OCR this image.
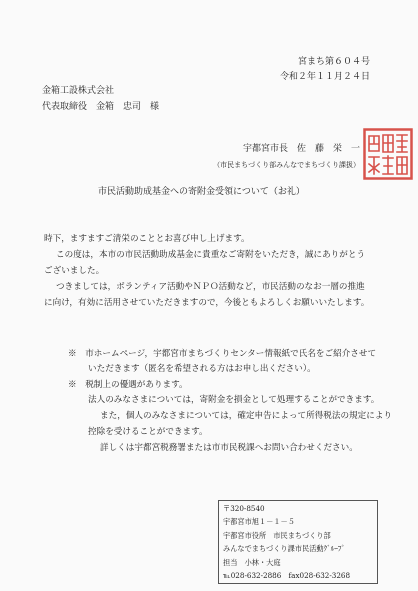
宮まち第６０４号
令和２年１１月２４日
金箱工設株式会社
代表取締役　金箱　忠司　様
宇都宮市長　佐　藤　栄　一
（市民まちづくり部みんなでまちづくり課扱）
市民活動助成基金への寄附金受領について（お礼）
時下，ますますご清栄のこととお喜び申し上げます。
この度は，本市の市民活動助成基金に貴重なご寄附をいただき，誠にありがとう
ございました。
つきましては，ボランティア活動やＮＰＯ活動など，市民活動のなお一層の推進
に向け，有効に活用させていただきますので，今後ともよろしくお願いいたします。
※　市ホームページ，宇都宮市まちづくりセンター情報紙で氏名をご紹介させて
いただきます（匿名を希望される方はお申し出ください）。
※　税制上の優遇があります。
法人のみなさまについては，寄附金を損金として処理することができます。
また，個人のみなさまについては，確定申告によって所得税法の規定により
控除を受けることができます。
詳しくは宇都宮税務署または市市民税課へお問い合わせください。
〒320-8540
宇都宮市旭１－１－５
宇都宮市役所　市民まちづくり部
みんなでまちづくり課市民活動ｸﾞﾙｰﾌﾟ
担当　小林・大庭
℡028-632-2886　fax028-632-3268
